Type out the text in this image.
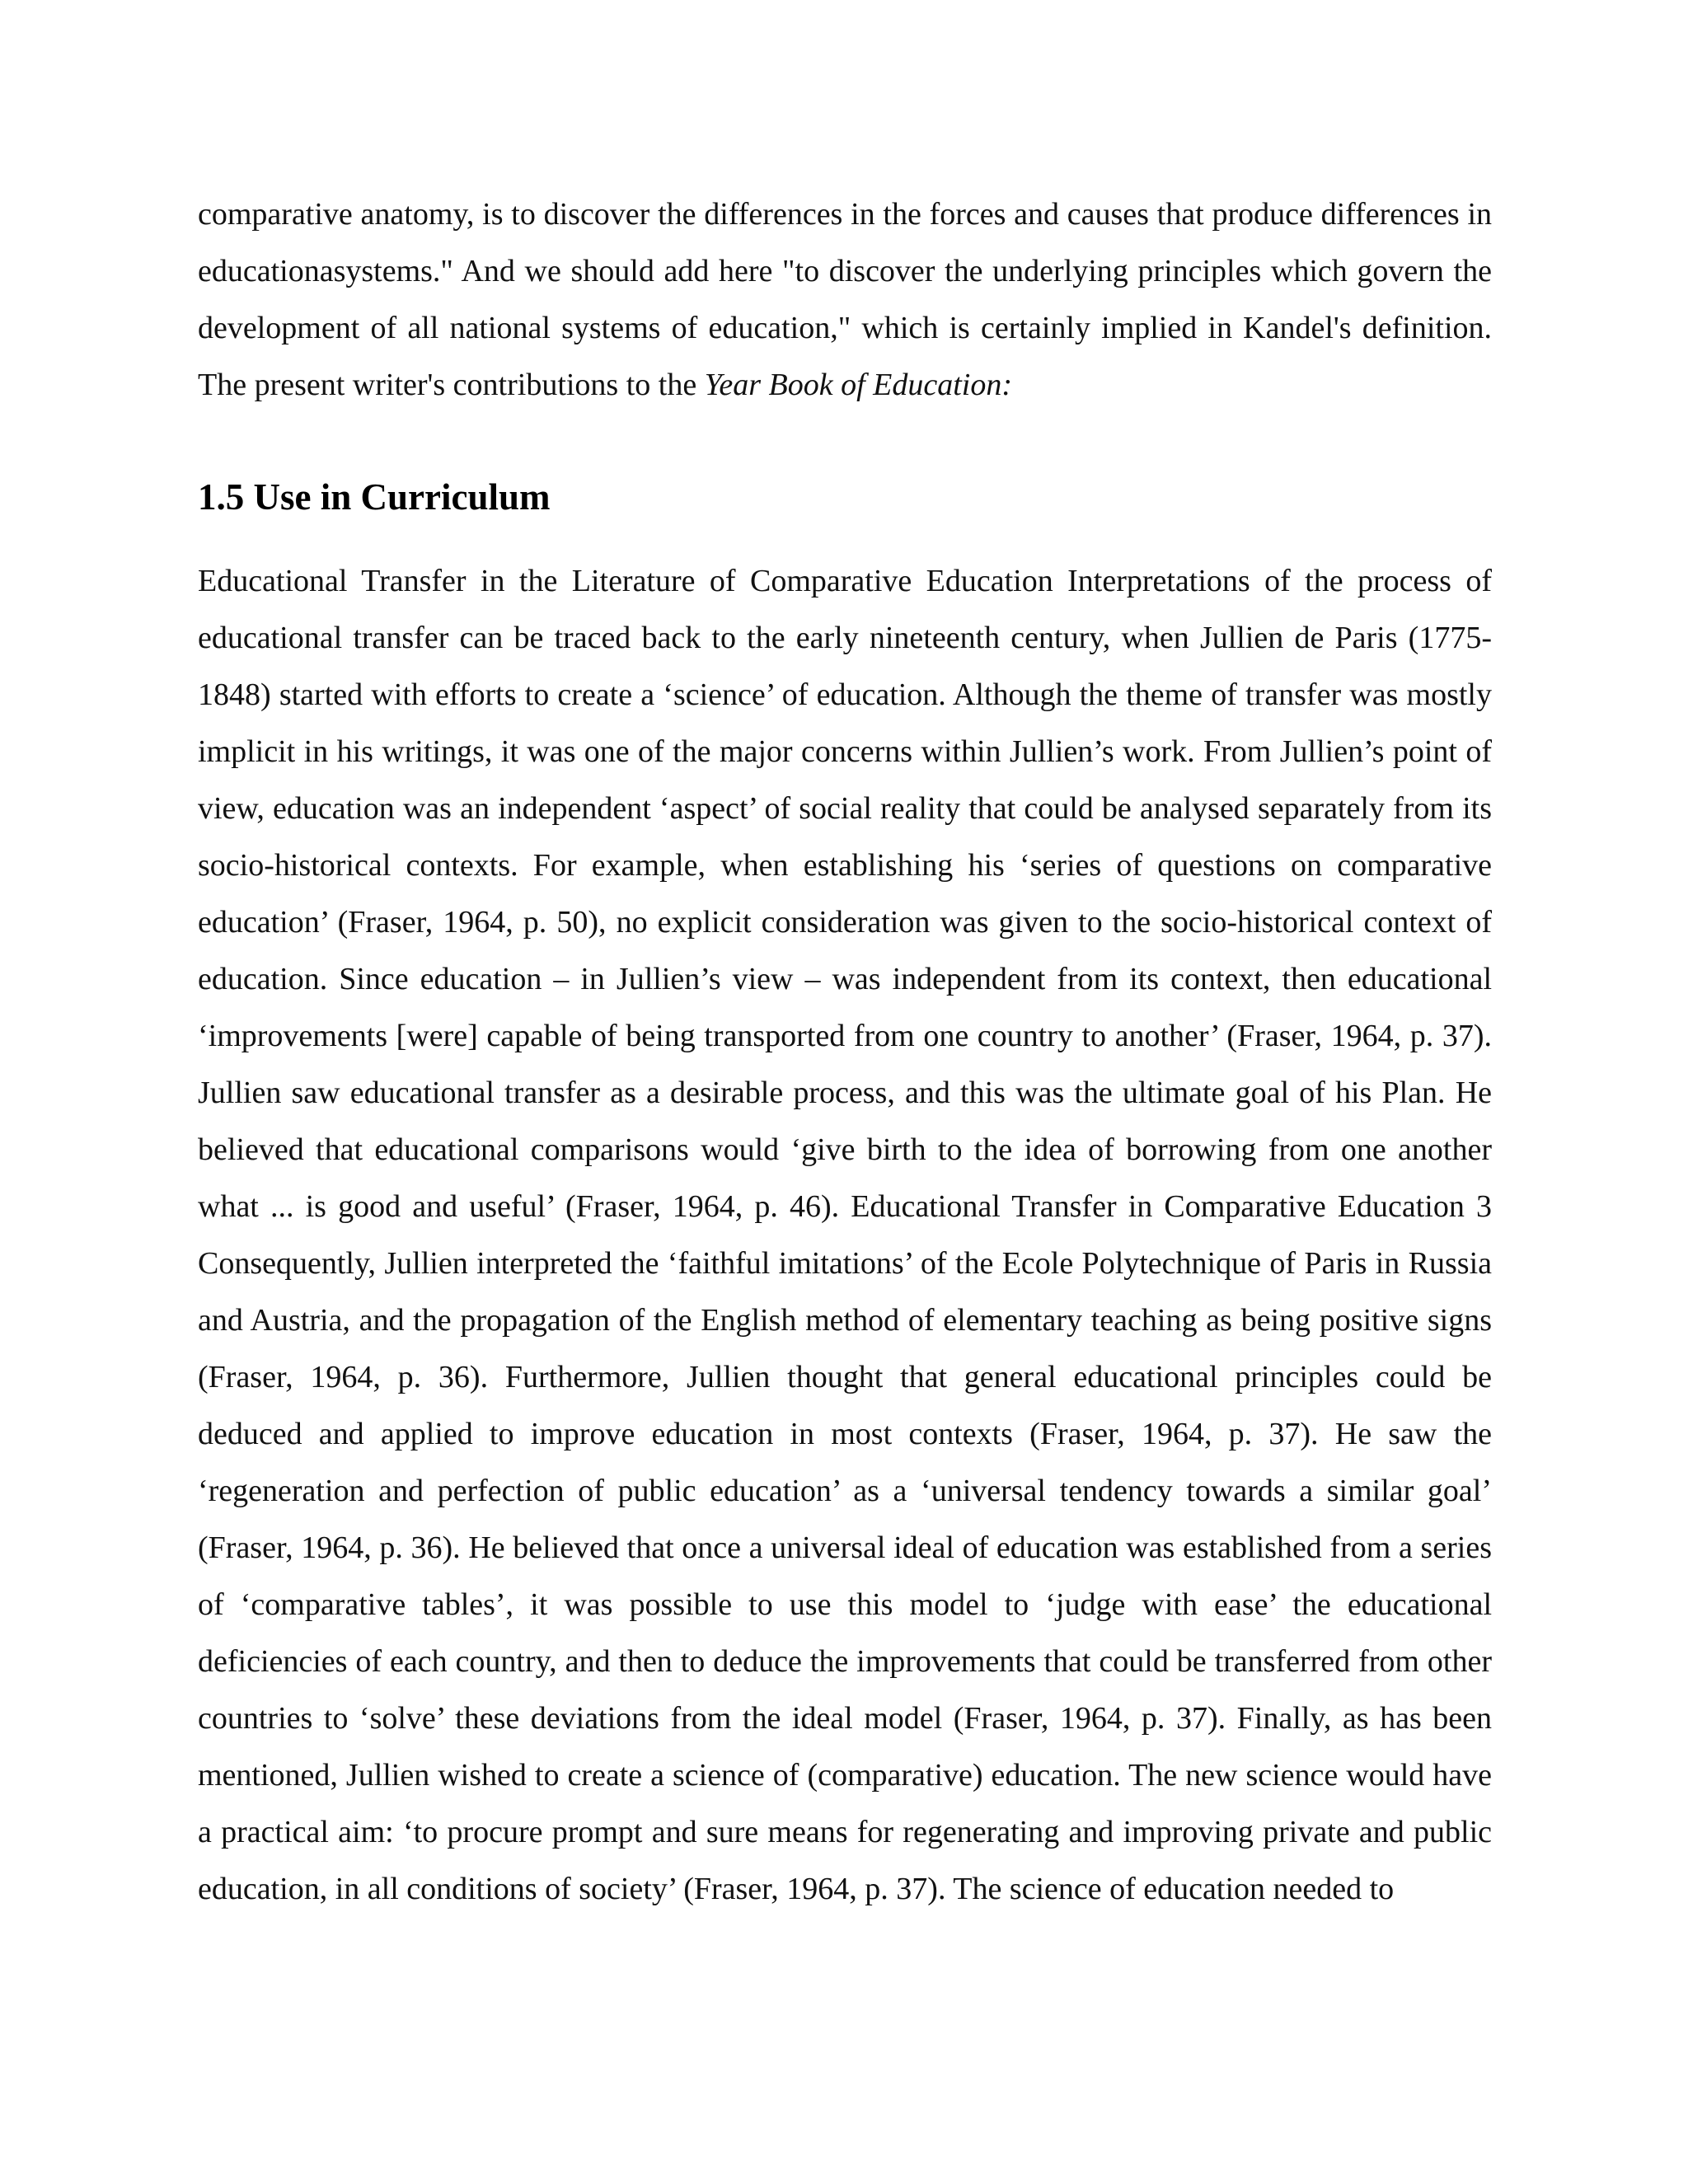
comparative anatomy, is to discover the differences in the forces and causes that produce differences in educationasystems." And we should add here "to discover the underlying principles which govern the development of all national systems of education," which is certainly implied in Kandel's definition. The present writer's contributions to the Year Book of Education:

1.5 Use in Curriculum

Educational Transfer in the Literature of Comparative Education Interpretations of the process of educational transfer can be traced back to the early nineteenth century, when Jullien de Paris (1775-1848) started with efforts to create a ‘science’ of education. Although the theme of transfer was mostly implicit in his writings, it was one of the major concerns within Jullien’s work. From Jullien’s point of view, education was an independent ‘aspect’ of social reality that could be analysed separately from its socio-historical contexts. For example, when establishing his ‘series of questions on comparative education’ (Fraser, 1964, p. 50), no explicit consideration was given to the socio-historical context of education. Since education – in Jullien’s view – was independent from its context, then educational ‘improvements [were] capable of being transported from one country to another’ (Fraser, 1964, p. 37). Jullien saw educational transfer as a desirable process, and this was the ultimate goal of his Plan. He believed that educational comparisons would ‘give birth to the idea of borrowing from one another what ... is good and useful’ (Fraser, 1964, p. 46). Educational Transfer in Comparative Education 3 Consequently, Jullien interpreted the ‘faithful imitations’ of the Ecole Polytechnique of Paris in Russia and Austria, and the propagation of the English method of elementary teaching as being positive signs (Fraser, 1964, p. 36). Furthermore, Jullien thought that general educational principles could be deduced and applied to improve education in most contexts (Fraser, 1964, p. 37). He saw the ‘regeneration and perfection of public education’ as a ‘universal tendency towards a similar goal’ (Fraser, 1964, p. 36). He believed that once a universal ideal of education was established from a series of ‘comparative tables’, it was possible to use this model to ‘judge with ease’ the educational deficiencies of each country, and then to deduce the improvements that could be transferred from other countries to ‘solve’ these deviations from the ideal model (Fraser, 1964, p. 37). Finally, as has been mentioned, Jullien wished to create a science of (comparative) education. The new science would have a practical aim: ‘to procure prompt and sure means for regenerating and improving private and public education, in all conditions of society’ (Fraser, 1964, p. 37). The science of education needed to
